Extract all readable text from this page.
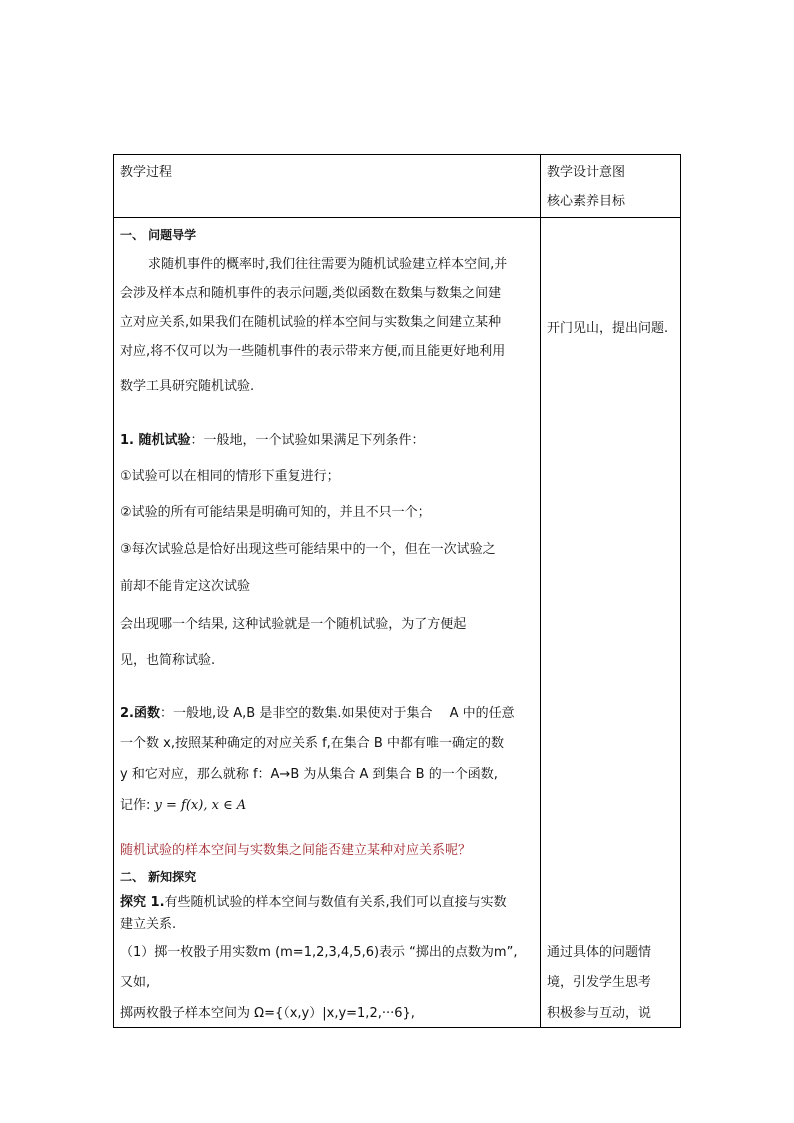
教学过程	教学设计意图
核心素养目标
一、 问题导学
求随机事件的概率时,我们往往需要为随机试验建立样本空间,并
会涉及样本点和随机事件的表示问题,类似函数在数集与数集之间建
立对应关系,如果我们在随机试验的样本空间与实数集之间建立某种
对应,将不仅可以为一些随机事件的表示带来方便,而且能更好地利用
数学工具研究随机试验.
1. 随机试验：一般地，一个试验如果满足下列条件：
①试验可以在相同的情形下重复进行；
②试验的所有可能结果是明确可知的，并且不只一个；
③每次试验总是恰好出现这些可能结果中的一个，但在一次试验之
前却不能肯定这次试验
会出现哪一个结果, 这种试验就是一个随机试验，为了方便起
见，也简称试验.
2.函数：一般地,设 A,B 是非空的数集.如果使对于集合 　A 中的任意
一个数 x,按照某种确定的对应关系 f,在集合 B 中都有唯一确定的数
y 和它对应，那么就称 f：A→B 为从集合 A 到集合 B 的一个函数,
记作: y = f(x), x ∈ A
随机试验的样本空间与实数集之间能否建立某种对应关系呢？
二、 新知探究
探究 1.有些随机试验的样本空间与数值有关系,我们可以直接与实数
建立关系.
（1）掷一枚骰子用实数m (m=1,2,3,4,5,6)表示 “掷出的点数为m”,
又如,
掷两枚骰子样本空间为 Ω={（x,y）|x,y=1,2,···6},
开门见山，提出问题.
通过具体的问题情
境，引发学生思考
积极参与互动，说
